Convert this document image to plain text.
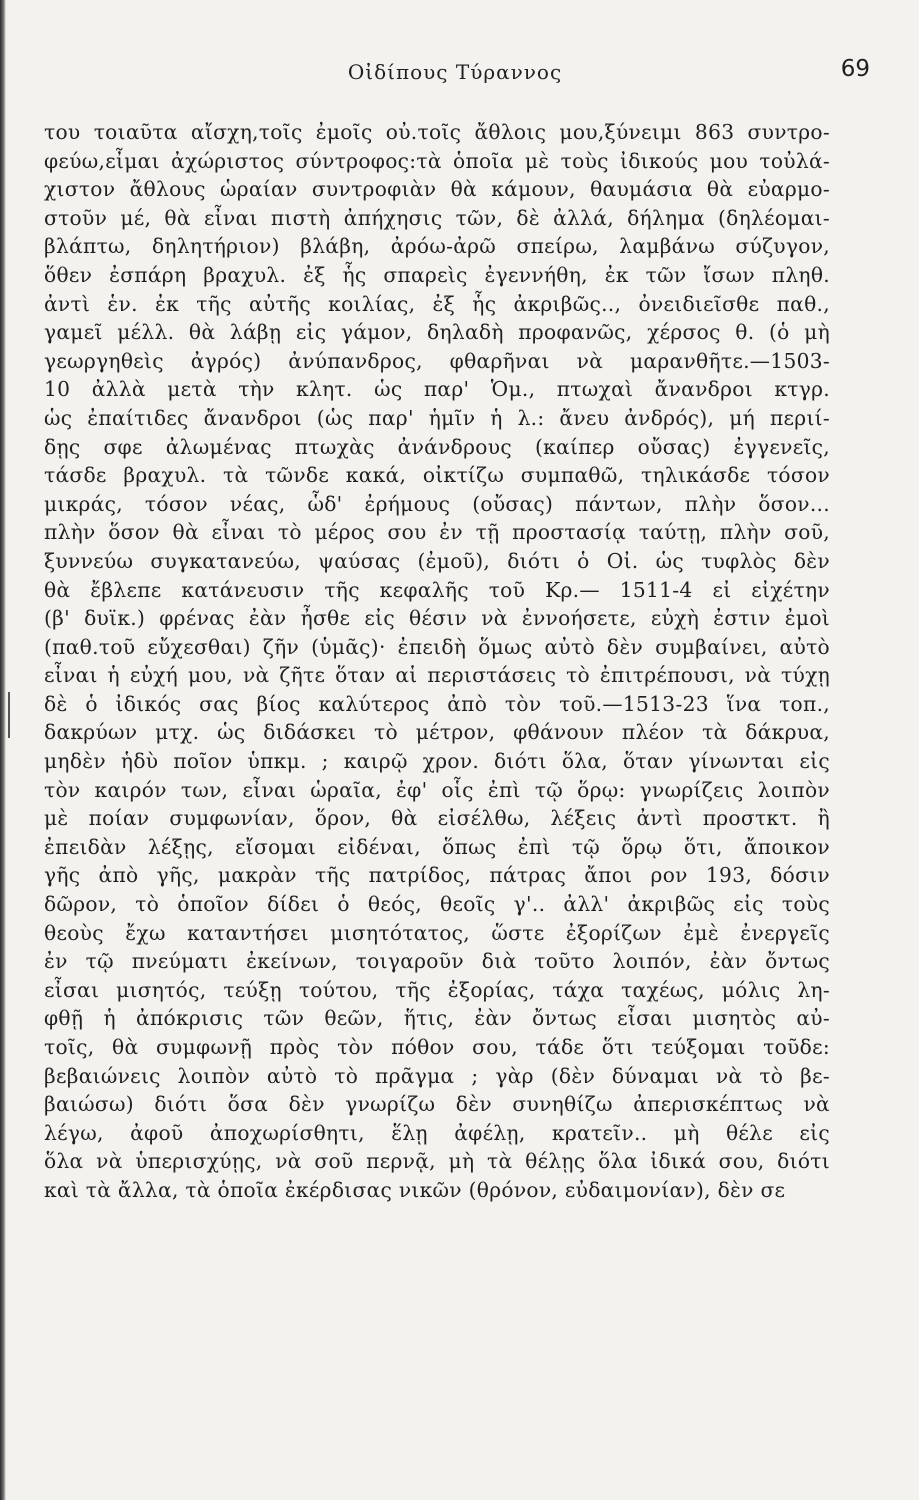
Οἰδίπους Τύραννος	69
του τοιαῦτα αἴσχη,τοῖς ἐμοῖς οὐ.τοῖς ἄθλοις μου,ξύνειμι 863 συντρο-
φεύω,εἶμαι ἀχώριστος σύντροφος:τὰ ὁποῖα μὲ τοὺς ἰδικούς μου τοὐλά-
χιστον ἄθλους ὡραίαν συντροφιὰν θὰ κάμουν, θαυμάσια θὰ εὐαρμο-
στοῦν μέ, θὰ εἶναι πιστὴ ἀπήχησις τῶν, δὲ ἀλλά, δήλημα (δηλέομαι-
βλάπτω, δηλητήριον) βλάβη, ἀρόω-ἀρῶ σπείρω, λαμβάνω σύζυγον,
ὅθεν ἐσπάρη βραχυλ. ἐξ ἧς σπαρεὶς ἐγεννήθη, ἐκ τῶν ἴσων πληθ.
ἀντὶ ἑν. ἐκ τῆς αὐτῆς κοιλίας, ἐξ ἧς ἀκριβῶς.., ὀνειδιεῖσθε παθ.,
γαμεῖ μέλλ. θὰ λάβῃ εἰς γάμον, δηλαδὴ προφανῶς, χέρσος θ. (ὁ μὴ
γεωργηθεὶς ἀγρός) ἀνύπανδρος, φθαρῆναι νὰ μαρανθῆτε.—1503-
10 ἀλλὰ μετὰ τὴν κλητ. ὡς παρ' Ὁμ., πτωχαὶ ἄνανδροι κτγρ.
ὡς ἐπαίτιδες ἄνανδροι (ὡς παρ' ἡμῖν ἡ λ.: ἄνευ ἀνδρός), μή περιί-
δῃς σφε ἀλωμένας πτωχὰς ἀνάνδρους (καίπερ οὔσας) ἐγγενεῖς,
τάσδε βραχυλ. τὰ τῶνδε κακά, οἰκτίζω συμπαθῶ, τηλικάσδε τόσον
μικράς, τόσον νέας, ὧδ' ἐρήμους (οὔσας) πάντων, πλὴν ὅσον...
πλὴν ὅσον θὰ εἶναι τὸ μέρος σου ἐν τῇ προστασίᾳ ταύτῃ, πλὴν σοῦ,
ξυννεύω συγκατανεύω, ψαύσας (ἐμοῦ), διότι ὁ Οἰ. ὡς τυφλὸς δὲν
θὰ ἔβλεπε κατάνευσιν τῆς κεφαλῆς τοῦ Κρ.— 1511-4 εἰ εἰχέτην
(β' δυϊκ.) φρένας ἐὰν ἦσθε εἰς θέσιν νὰ ἐννοήσετε, εὐχὴ ἐστιν ἐμοὶ
(παθ.τοῦ εὔχεσθαι) ζῆν (ὑμᾶς)· ἐπειδὴ ὅμως αὐτὸ δὲν συμβαίνει, αὐτὸ
εἶναι ἡ εὐχή μου, νὰ ζῆτε ὅταν αἱ περιστάσεις τὸ ἐπιτρέπουσι, νὰ τύχῃ
δὲ ὁ ἰδικός σας βίος καλύτερος ἀπὸ τὸν τοῦ.—1513-23 ἵνα τοπ.,
δακρύων μτχ. ὡς διδάσκει τὸ μέτρον, φθάνουν πλέον τὰ δάκρυα,
μηδὲν ἡδὺ ποῖον ὑπκμ. ; καιρῷ χρον. διότι ὅλα, ὅταν γίνωνται εἰς
τὸν καιρόν των, εἶναι ὡραῖα, ἐφ' οἷς ἐπὶ τῷ ὅρῳ: γνωρίζεις λοιπὸν
μὲ ποίαν συμφωνίαν, ὅρον, θὰ εἰσέλθω, λέξεις ἀντὶ προστκτ. ἢ
ἐπειδὰν λέξῃς, εἴσομαι εἰδέναι, ὅπως ἐπὶ τῷ ὅρῳ ὅτι, ἄποικον
γῆς ἀπὸ γῆς, μακρὰν τῆς πατρίδος, πάτρας ἄποι ρον 193, δόσιν
δῶρον, τὸ ὁποῖον δίδει ὁ θεός, θεοῖς γ'.. ἀλλ' ἀκριβῶς εἰς τοὺς
θεοὺς ἔχω καταντήσει μισητότατος, ὥστε ἐξορίζων ἐμὲ ἐνεργεῖς
ἐν τῷ πνεύματι ἐκείνων, τοιγαροῦν διὰ τοῦτο λοιπόν, ἐὰν ὄντως
εἶσαι μισητός, τεύξῃ τούτου, τῆς ἐξορίας, τάχα ταχέως, μόλις λη-
φθῇ ἡ ἀπόκρισις τῶν θεῶν, ἥτις, ἐὰν ὄντως εἶσαι μισητὸς αὐ-
τοῖς, θὰ συμφωνῇ πρὸς τὸν πόθον σου, τάδε ὅτι τεύξομαι τοῦδε:
βεβαιώνεις λοιπὸν αὐτὸ τὸ πρᾶγμα ; γὰρ (δὲν δύναμαι νὰ τὸ βε-
βαιώσω) διότι ὅσα δὲν γνωρίζω δὲν συνηθίζω ἀπερισκέπτως νὰ
λέγω, ἀφοῦ ἀποχωρίσθητι, ἕλῃ ἀφέλῃ, κρατεῖν.. μὴ θέλε εἰς
ὅλα νὰ ὑπερισχύῃς, νὰ σοῦ περνᾷ, μὴ τὰ θέλῃς ὅλα ἰδικά σου, διότι
καὶ τὰ ἄλλα, τὰ ὁποῖα ἐκέρδισας νικῶν (θρόνον, εὐδαιμονίαν), δὲν σε
